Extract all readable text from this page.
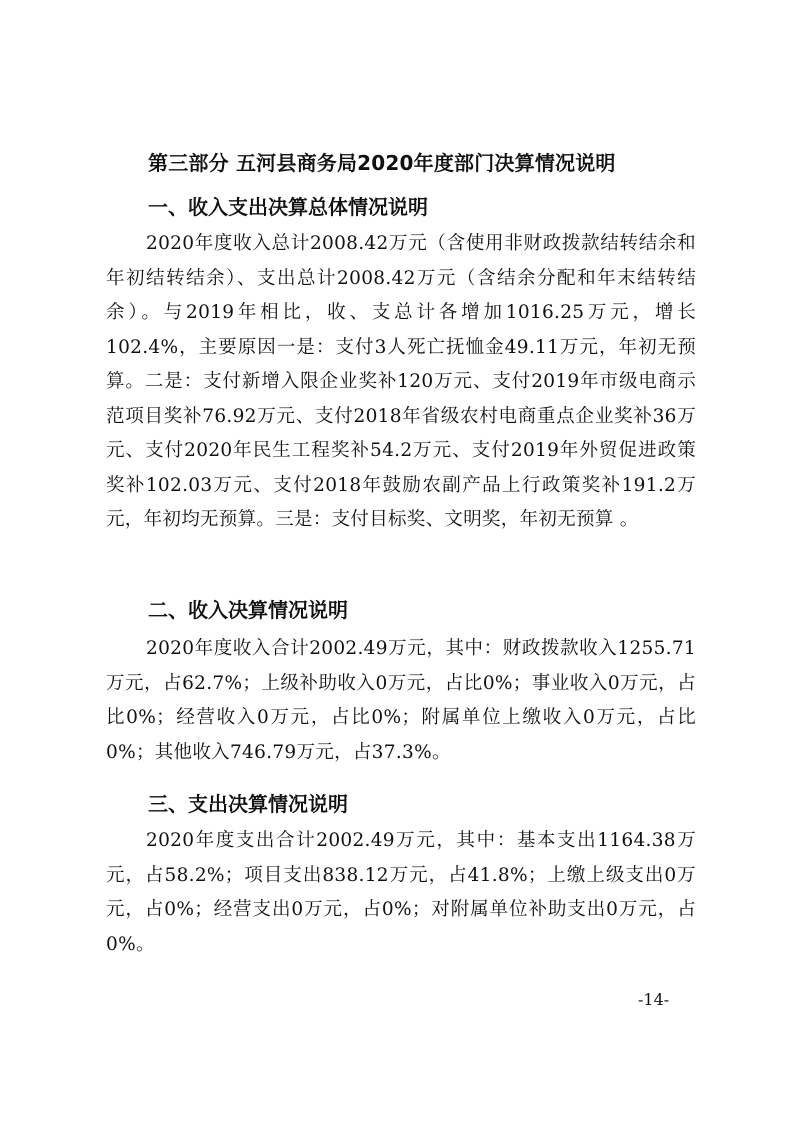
第三部分 五河县商务局2020年度部门决算情况说明
一、收入支出决算总体情况说明
2020年度收入总计2008.42万元（含使用非财政拨款结转结余和年初结转结余）、支出总计2008.42万元（含结余分配和年末结转结余）。与2019年相比，收、支总计各增加1016.25万元，增长102.4%，主要原因一是：支付3人死亡抚恤金49.11万元，年初无预算。二是：支付新增入限企业奖补120万元、支付2019年市级电商示范项目奖补76.92万元、支付2018年省级农村电商重点企业奖补36万元、支付2020年民生工程奖补54.2万元、支付2019年外贸促进政策奖补102.03万元、支付2018年鼓励农副产品上行政策奖补191.2万元，年初均无预算。三是：支付目标奖、文明奖，年初无预算 。
二、收入决算情况说明
2020年度收入合计2002.49万元，其中：财政拨款收入1255.71万元，占62.7%；上级补助收入0万元，占比0%；事业收入0万元，占比0%；经营收入0万元，占比0%；附属单位上缴收入0万元，占比0%；其他收入746.79万元，占37.3%。
三、支出决算情况说明
2020年度支出合计2002.49万元，其中：基本支出1164.38万元，占58.2%；项目支出838.12万元，占41.8%；上缴上级支出0万元，占0%；经营支出0万元，占0%；对附属单位补助支出0万元，占0%。
-14-
